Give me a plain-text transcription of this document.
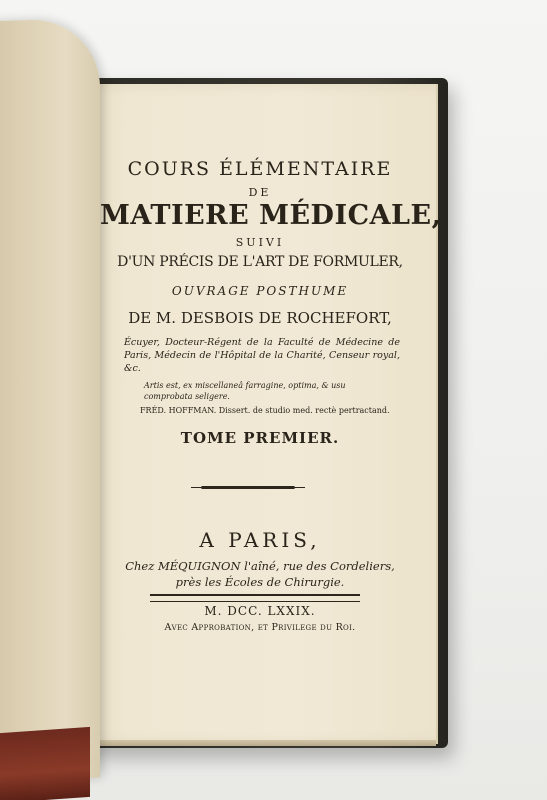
COURS ÉLÉMENTAIRE
DE
MATIERE MÉDICALE,
SUIVI
D'UN PRÉCIS DE L'ART DE FORMULER,
OUVRAGE POSTHUME
DE M. DESBOIS DE ROCHEFORT,
Écuyer, Docteur-Régent de la Faculté de Médecine de Paris, Médecin de l'Hôpital de la Charité, Censeur royal, &c.
Artis est, ex miscellaneâ farragine, optima, & usu comprobata seligere.
FRÉD. HOFFMAN. Dissert. de studio med. rectè pertractand.
TOME PREMIER.
A PARIS,
Chez MÉQUIGNON l'aîné, rue des Cordeliers,
près les Écoles de Chirurgie.
M. DCC. LXXIX.
Avec Approbation, et Privilege du Roi.
